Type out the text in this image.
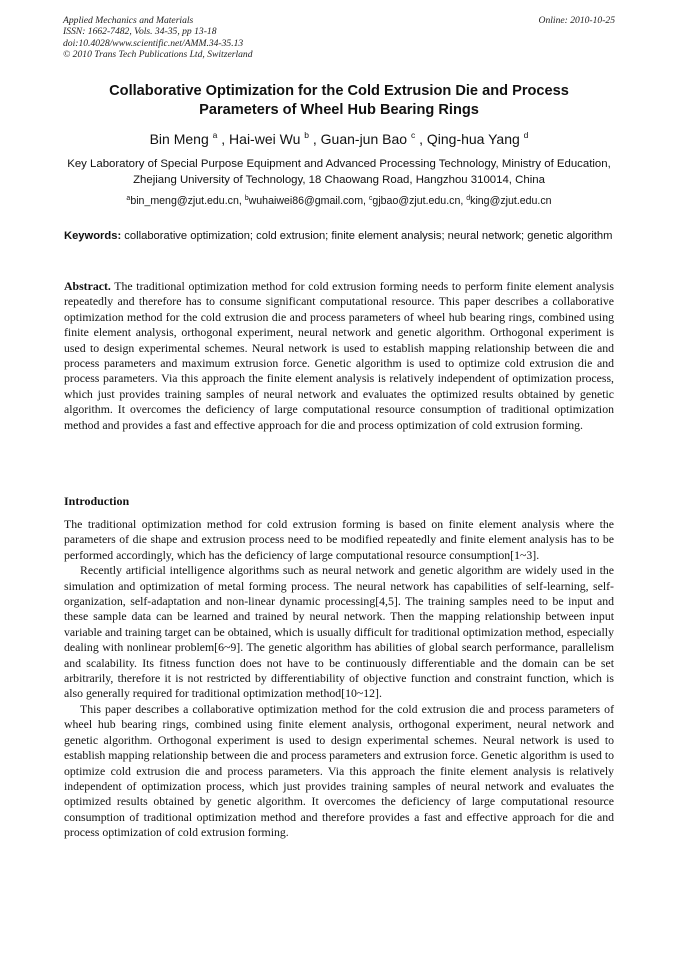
Applied Mechanics and Materials
ISSN: 1662-7482, Vols. 34-35, pp 13-18
doi:10.4028/www.scientific.net/AMM.34-35.13
© 2010 Trans Tech Publications Ltd, Switzerland
Online: 2010-10-25
Collaborative Optimization for the Cold Extrusion Die and Process Parameters of Wheel Hub Bearing Rings
Bin Meng $^a$ , Hai-wei Wu $^b$ , Guan-jun Bao $^c$ , Qing-hua Yang $^d$
Key Laboratory of Special Purpose Equipment and Advanced Processing Technology, Ministry of Education, Zhejiang University of Technology, 18 Chaowang Road, Hangzhou 310014, China
$^a$bin_meng@zjut.edu.cn, $^b$wuhaiwei86@gmail.com, $^c$gjbao@zjut.edu.cn, $^d$king@zjut.edu.cn
Keywords: collaborative optimization; cold extrusion; finite element analysis; neural network; genetic algorithm
Abstract. The traditional optimization method for cold extrusion forming needs to perform finite element analysis repeatedly and therefore has to consume significant computational resource. This paper describes a collaborative optimization method for the cold extrusion die and process parameters of wheel hub bearing rings, combined using finite element analysis, orthogonal experiment, neural network and genetic algorithm. Orthogonal experiment is used to design experimental schemes. Neural network is used to establish mapping relationship between die and process parameters and maximum extrusion force. Genetic algorithm is used to optimize cold extrusion die and process parameters. Via this approach the finite element analysis is relatively independent of optimization process, which just provides training samples of neural network and evaluates the optimized results obtained by genetic algorithm. It overcomes the deficiency of large computational resource consumption of traditional optimization method and provides a fast and effective approach for die and process optimization of cold extrusion forming.
Introduction

The traditional optimization method for cold extrusion forming is based on finite element analysis where the parameters of die shape and extrusion process need to be modified repeatedly and finite element analysis has to be performed accordingly, which has the deficiency of large computational resource consumption[1~3].

Recently artificial intelligence algorithms such as neural network and genetic algorithm are widely used in the simulation and optimization of metal forming process. The neural network has capabilities of self-learning, self-organization, self-adaptation and non-linear dynamic processing[4,5]. The training samples need to be input and these sample data can be learned and trained by neural network. Then the mapping relationship between input variable and training target can be obtained, which is usually difficult for traditional optimization method, especially dealing with nonlinear problem[6~9]. The genetic algorithm has abilities of global search performance, parallelism and scalability. Its fitness function does not have to be continuously differentiable and the domain can be set arbitrarily, therefore it is not restricted by differentiability of objective function and constraint function, which is also generally required for traditional optimization method[10~12].

This paper describes a collaborative optimization method for the cold extrusion die and process parameters of wheel hub bearing rings, combined using finite element analysis, orthogonal experiment, neural network and genetic algorithm. Orthogonal experiment is used to design experimental schemes. Neural network is used to establish mapping relationship between die and process parameters and extrusion force. Genetic algorithm is used to optimize cold extrusion die and process parameters. Via this approach the finite element analysis is relatively independent of optimization process, which just provides training samples of neural network and evaluates the optimized results obtained by genetic algorithm. It overcomes the deficiency of large computational resource consumption of traditional optimization method and therefore provides a fast and effective approach for die and process optimization of cold extrusion forming.
